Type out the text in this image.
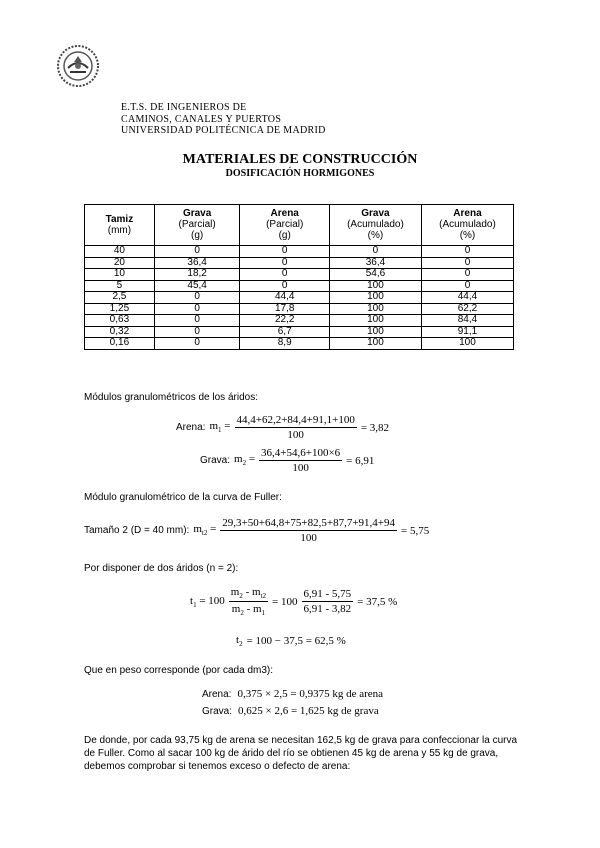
E.T.S. DE INGENIEROS DE
CAMINOS, CANALES Y PUERTOS
UNIVERSIDAD POLITÉCNICA DE MADRID
MATERIALES DE CONSTRUCCIÓN
DOSIFICACIÓN HORMIGONES
Tamiz
(mm)	Grava
(Parcial)
(g)	Arena
(Parcial)
(g)	Grava
(Acumulado)
(%)	Arena
(Acumulado)
(%)
40	0	0	0	0
20	36,4	0	36,4	0
10	18,2	0	54,6	0
5	45,4	0	100	0
2,5	0	44,4	100	44,4
1,25	0	17,8	100	62,2
0,63	0	22,2	100	84,4
0,32	0	6,7	100	91,1
0,16	0	8,9	100	100
Módulos granulométricos de los áridos:
Arena: $m_1 = \frac{44,4+62,2+84,4+91,1+100}{100} = 3,82$
Grava: $m_2 = \frac{36,4+54,6+100\times 6}{100} = 6,91$
Módulo granulométrico de la curva de Fuller:
Tamaño 2 (D = 40 mm): $m_{t2} = \frac{29,3+50+64,8+75+82,5+87,7+91,4+94}{100} = 5,75$
Por disponer de dos áridos (n = 2):
$t_1 = 100 \frac{m_2 - m_{t2}}{m_2 - m_1} = 100 \frac{6,91 - 5,75}{6,91 - 3,82} = 37,5$ %
$t_2 = 100 - 37,5 = 62,5$ %
Que en peso corresponde (por cada dm3):
Arena: 0,375 × 2,5 = 0,9375 kg de arena
Grava: 0,625 × 2,6 = 1,625 kg de grava
De donde, por cada 93,75 kg de arena se necesitan 162,5 kg de grava para confeccionar la curva de Fuller. Como al sacar 100 kg de árido del río se obtienen 45 kg de arena y 55 kg de grava, debemos comprobar si tenemos exceso o defecto de arena:
